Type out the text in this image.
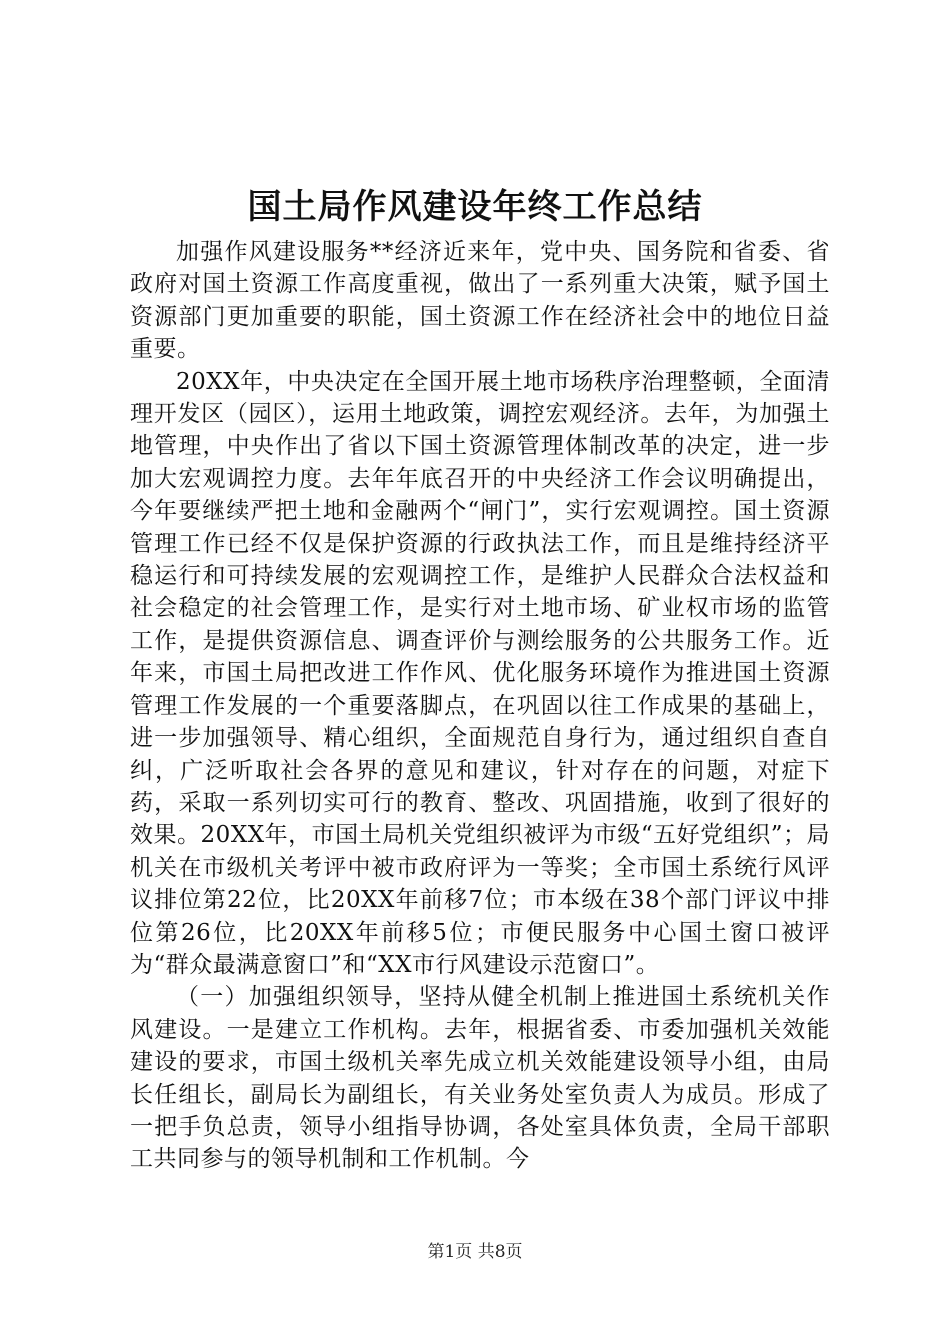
国土局作风建设年终工作总结

加强作风建设服务**经济近来年，党中央、国务院和省委、省政府对国土资源工作高度重视，做出了一系列重大决策，赋予国土资源部门更加重要的职能，国土资源工作在经济社会中的地位日益重要。

20XX年，中央决定在全国开展土地市场秩序治理整顿，全面清理开发区（园区），运用土地政策，调控宏观经济。去年，为加强土地管理，中央作出了省以下国土资源管理体制改革的决定，进一步加大宏观调控力度。去年年底召开的中央经济工作会议明确提出，今年要继续严把土地和金融两个“闸门”，实行宏观调控。国土资源管理工作已经不仅是保护资源的行政执法工作，而且是维持经济平稳运行和可持续发展的宏观调控工作，是维护人民群众合法权益和社会稳定的社会管理工作，是实行对土地市场、矿业权市场的监管工作，是提供资源信息、调查评价与测绘服务的公共服务工作。近年来，市国土局把改进工作作风、优化服务环境作为推进国土资源管理工作发展的一个重要落脚点，在巩固以往工作成果的基础上，进一步加强领导、精心组织，全面规范自身行为，通过组织自查自纠，广泛听取社会各界的意见和建议，针对存在的问题，对症下药，采取一系列切实可行的教育、整改、巩固措施，收到了很好的效果。20XX年，市国土局机关党组织被评为市级“五好党组织”；局机关在市级机关考评中被市政府评为一等奖；全市国土系统行风评议排位第22位，比20XX年前移7位；市本级在38个部门评议中排位第26位，比20XX年前移5位；市便民服务中心国土窗口被评为“群众最满意窗口”和“XX市行风建设示范窗口”。

（一）加强组织领导，坚持从健全机制上推进国土系统机关作风建设。一是建立工作机构。去年，根据省委、市委加强机关效能建设的要求，市国土级机关率先成立机关效能建设领导小组，由局长任组长，副局长为副组长，有关业务处室负责人为成员。形成了一把手负总责，领导小组指导协调，各处室具体负责，全局干部职工共同参与的领导机制和工作机制。今

第1页 共8页
